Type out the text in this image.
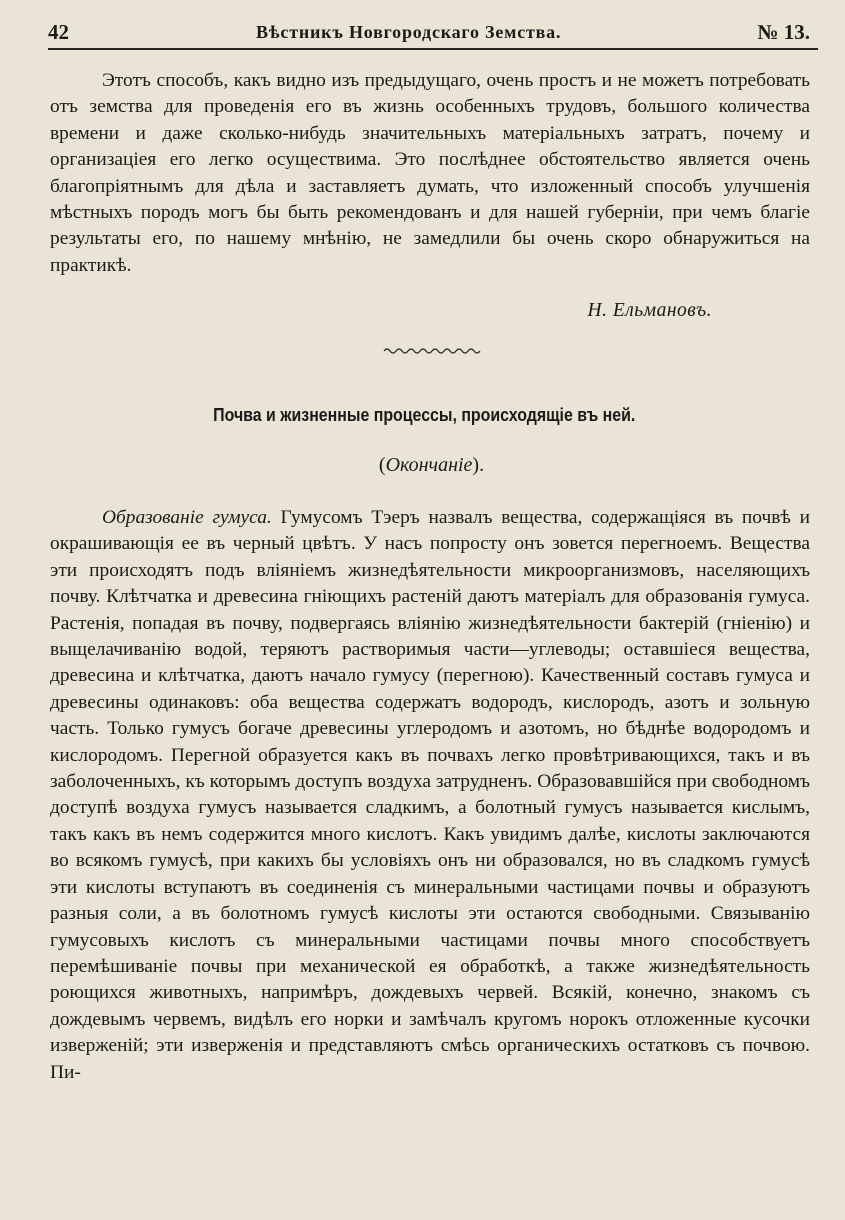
42	Вѣстникъ Новгородскаго Земства.	№ 13.

Этотъ способъ, какъ видно изъ предыдущаго, очень простъ и не можетъ потребовать отъ земства для проведенія его въ жизнь особенныхъ трудовъ, большого количества времени и даже сколько-нибудь значительныхъ матеріальныхъ затратъ, почему и организацiея его легко осуществима. Это послѣднее обстоятельство является очень благопріятнымъ для дѣла и заставляетъ думать, что изложенный способъ улучшенія мѣстныхъ породъ могъ бы быть рекомендованъ и для нашей губерніи, при чемъ благіе результаты его, по нашему мнѣнію, не замедлили бы очень скоро обнаружиться на практикѣ.

Н. Ельмановъ.
Почва и жизненные процессы, происходящіе въ ней.
(Окончаніе).

Образованіе гумуса. Гумусомъ Тэеръ назвалъ вещества, содержащіяся въ почвѣ и окрашивающія ее въ черный цвѣтъ. У насъ попросту онъ зовется перегноемъ. Вещества эти происходятъ подъ вліяніемъ жизнедѣятельности микроорганизмовъ, населяющихъ почву. Клѣтчатка и древесина гніющихъ растеній даютъ матеріалъ для образованія гумуса. Растенія, попадая въ почву, подвергаясь вліянію жизнедѣятельности бактерій (гніенію) и выщелачиванію водой, теряютъ растворимыя части—углеводы; оставшіеся вещества, древесина и клѣтчатка, даютъ начало гумусу (перегною). Качественный составъ гумуса и древесины одинаковъ: оба вещества содержатъ водородъ, кислородъ, азотъ и зольную часть. Только гумусъ богаче древесины углеродомъ и азотомъ, но бѣднѣе водородомъ и кислородомъ. Перегной образуется какъ въ почвахъ легко провѣтривающихся, такъ и въ заболоченныхъ, къ которымъ доступъ воздуха затрудненъ. Образовавшійся при свободномъ доступѣ воздуха гумусъ называется сладкимъ, а болотный гумусъ называется кислымъ, такъ какъ въ немъ содержится много кислотъ. Какъ увидимъ далѣе, кислоты заключаются во всякомъ гумусѣ, при какихъ бы условіяхъ онъ ни образовался, но въ сладкомъ гумусѣ эти кислоты вступаютъ въ соединенія съ минеральными частицами почвы и образуютъ разныя соли, а въ болотномъ гумусѣ кислоты эти остаются свободными. Связыванію гумусовыхъ кислотъ съ минеральными частицами почвы много способствуетъ перемѣшиваніе почвы при механической ея обработкѣ, а также жизнедѣятельность роющихся животныхъ, напримѣръ, дождевыхъ червей. Всякій, конечно, знакомъ съ дождевымъ червемъ, видѣлъ его норки и замѣчалъ кругомъ норокъ отложенные кусочки изверженій; эти изверженія и представляютъ смѣсь органическихъ остатковъ съ почвою. Пи-
